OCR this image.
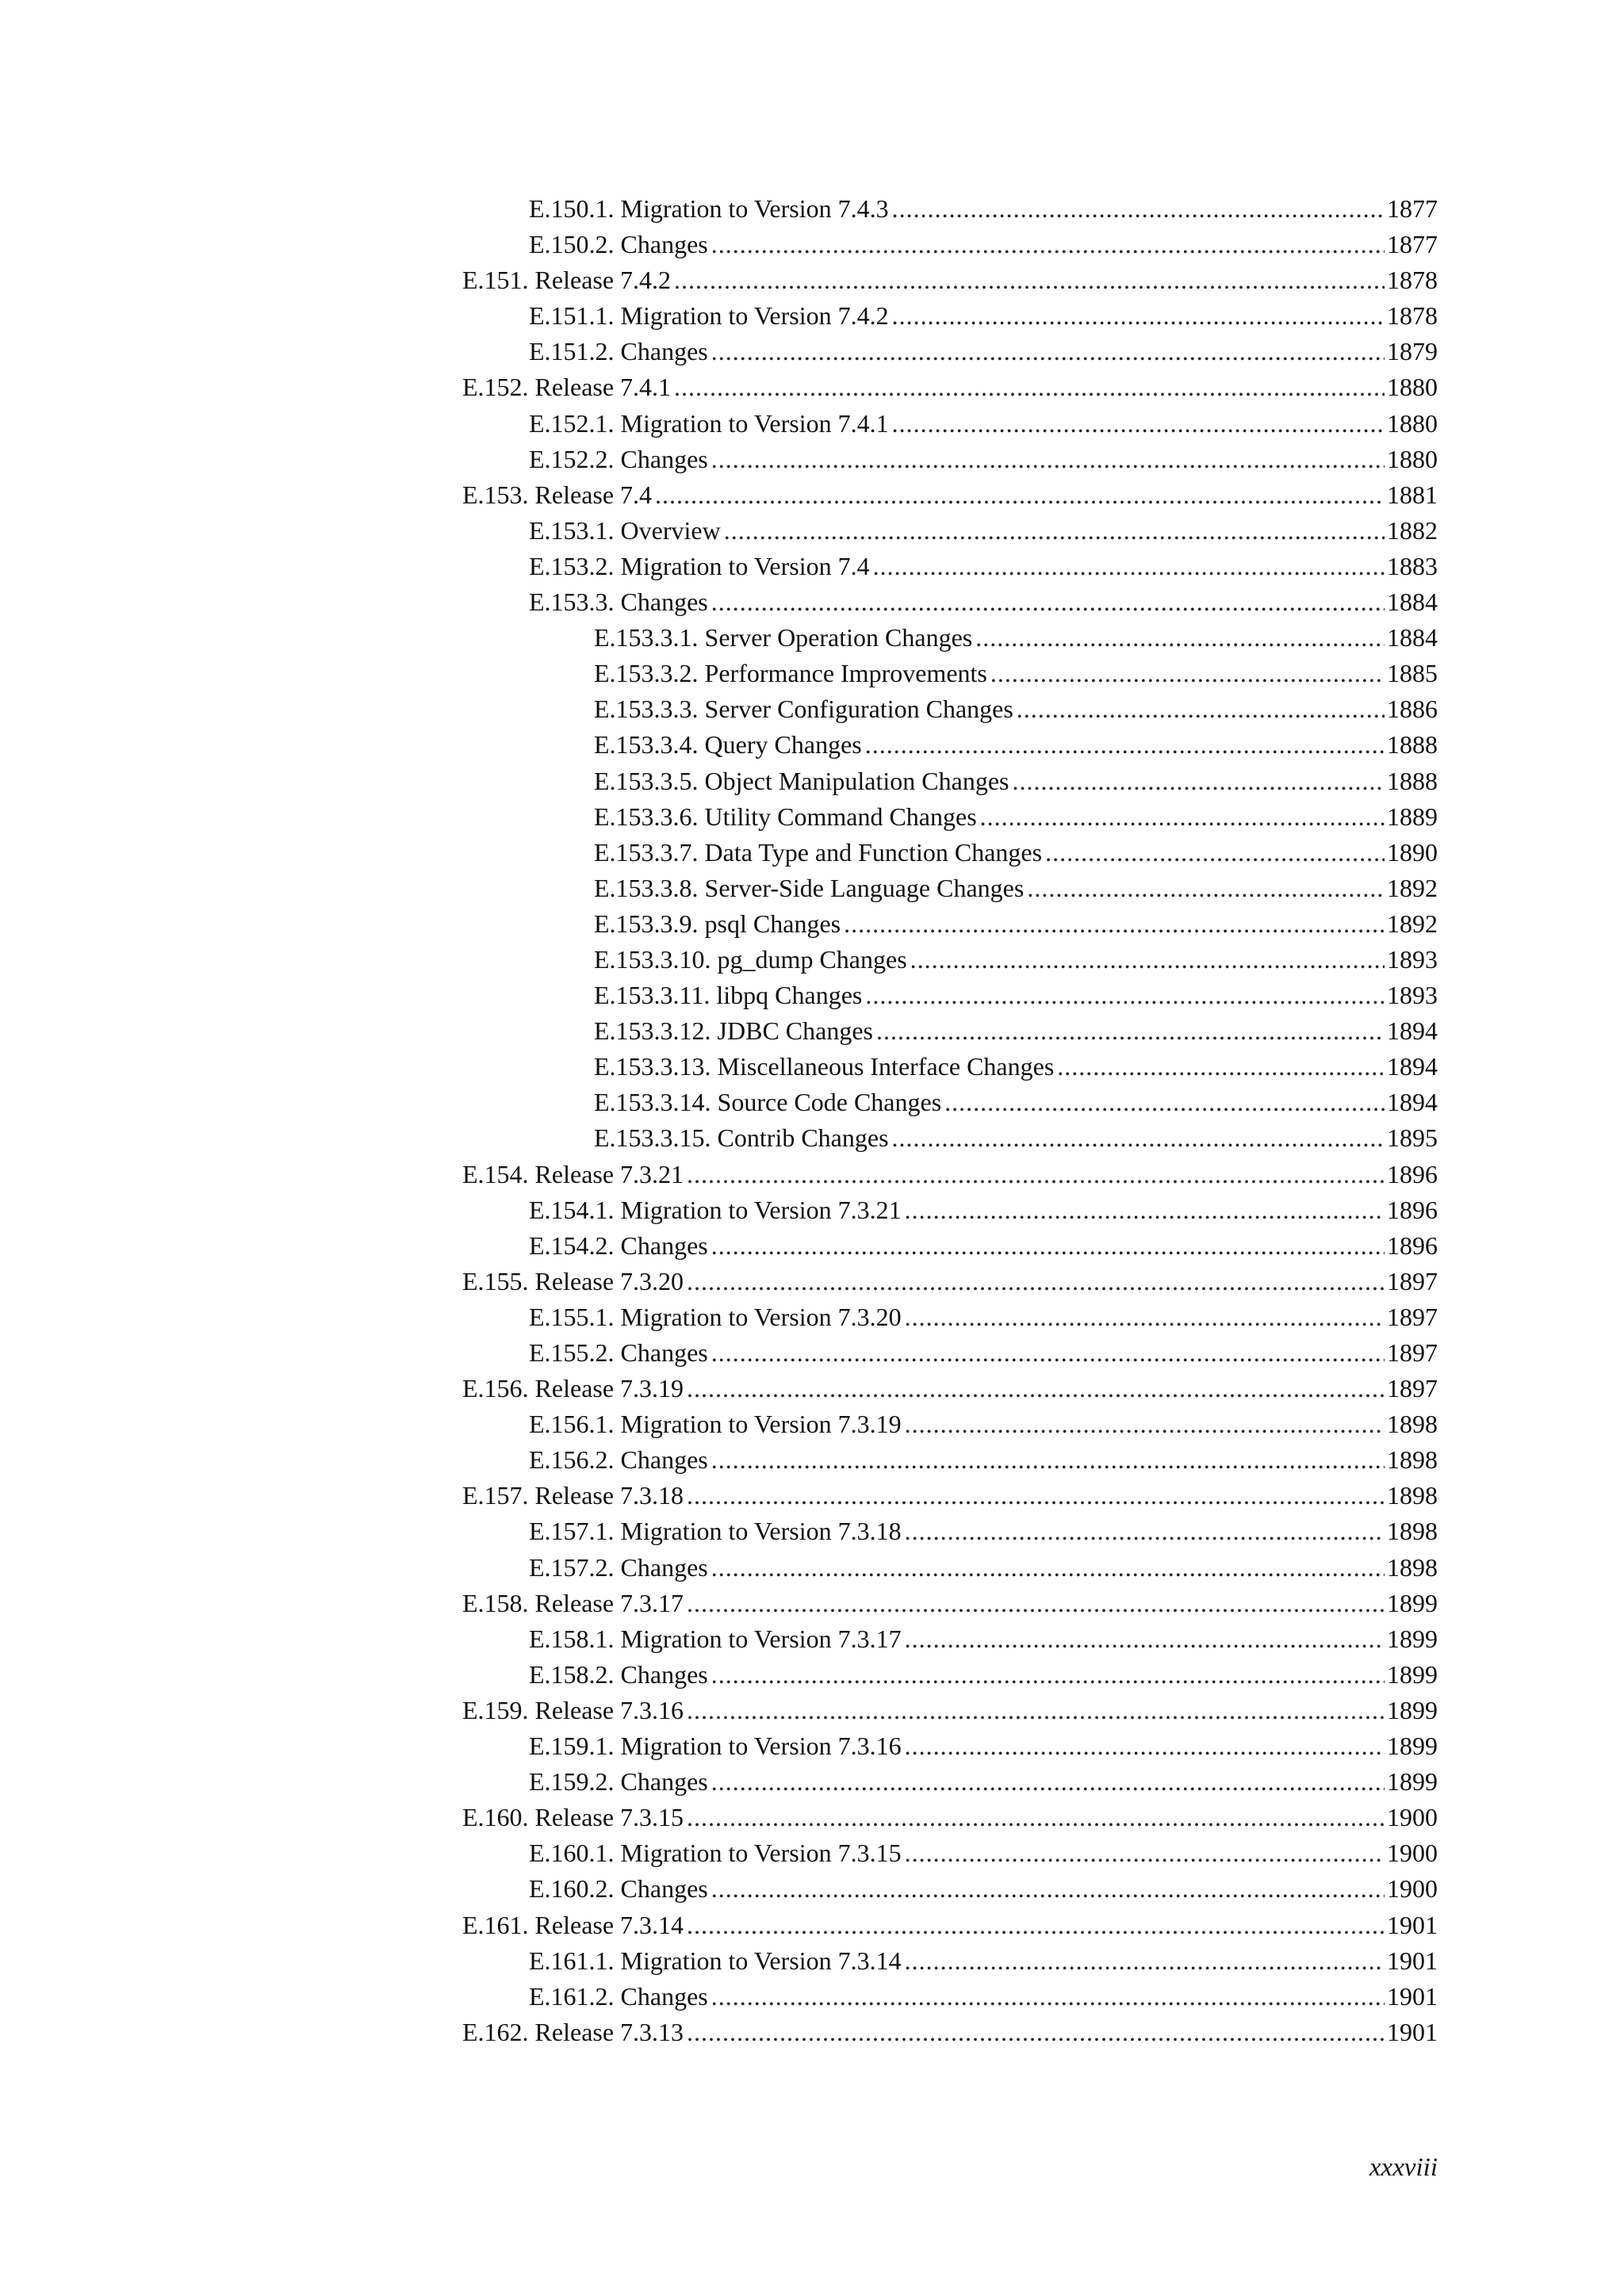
E.150.1. Migration to Version 7.4.3 .....	1877
E.150.2. Changes .....	1877
E.151. Release 7.4.2 .....	1878
E.151.1. Migration to Version 7.4.2 .....	1878
E.151.2. Changes .....	1879
E.152. Release 7.4.1 .....	1880
E.152.1. Migration to Version 7.4.1 .....	1880
E.152.2. Changes .....	1880
E.153. Release 7.4 .....	1881
E.153.1. Overview .....	1882
E.153.2. Migration to Version 7.4 .....	1883
E.153.3. Changes .....	1884
E.153.3.1. Server Operation Changes .....	1884
E.153.3.2. Performance Improvements .....	1885
E.153.3.3. Server Configuration Changes .....	1886
E.153.3.4. Query Changes .....	1888
E.153.3.5. Object Manipulation Changes .....	1888
E.153.3.6. Utility Command Changes .....	1889
E.153.3.7. Data Type and Function Changes .....	1890
E.153.3.8. Server-Side Language Changes .....	1892
E.153.3.9. psql Changes .....	1892
E.153.3.10. pg_dump Changes .....	1893
E.153.3.11. libpq Changes .....	1893
E.153.3.12. JDBC Changes .....	1894
E.153.3.13. Miscellaneous Interface Changes .....	1894
E.153.3.14. Source Code Changes .....	1894
E.153.3.15. Contrib Changes .....	1895
E.154. Release 7.3.21 .....	1896
E.154.1. Migration to Version 7.3.21 .....	1896
E.154.2. Changes .....	1896
E.155. Release 7.3.20 .....	1897
E.155.1. Migration to Version 7.3.20 .....	1897
E.155.2. Changes .....	1897
E.156. Release 7.3.19 .....	1897
E.156.1. Migration to Version 7.3.19 .....	1898
E.156.2. Changes .....	1898
E.157. Release 7.3.18 .....	1898
E.157.1. Migration to Version 7.3.18 .....	1898
E.157.2. Changes .....	1898
E.158. Release 7.3.17 .....	1899
E.158.1. Migration to Version 7.3.17 .....	1899
E.158.2. Changes .....	1899
E.159. Release 7.3.16 .....	1899
E.159.1. Migration to Version 7.3.16 .....	1899
E.159.2. Changes .....	1899
E.160. Release 7.3.15 .....	1900
E.160.1. Migration to Version 7.3.15 .....	1900
E.160.2. Changes .....	1900
E.161. Release 7.3.14 .....	1901
E.161.1. Migration to Version 7.3.14 .....	1901
E.161.2. Changes .....	1901
E.162. Release 7.3.13 .....	1901
xxxviii
